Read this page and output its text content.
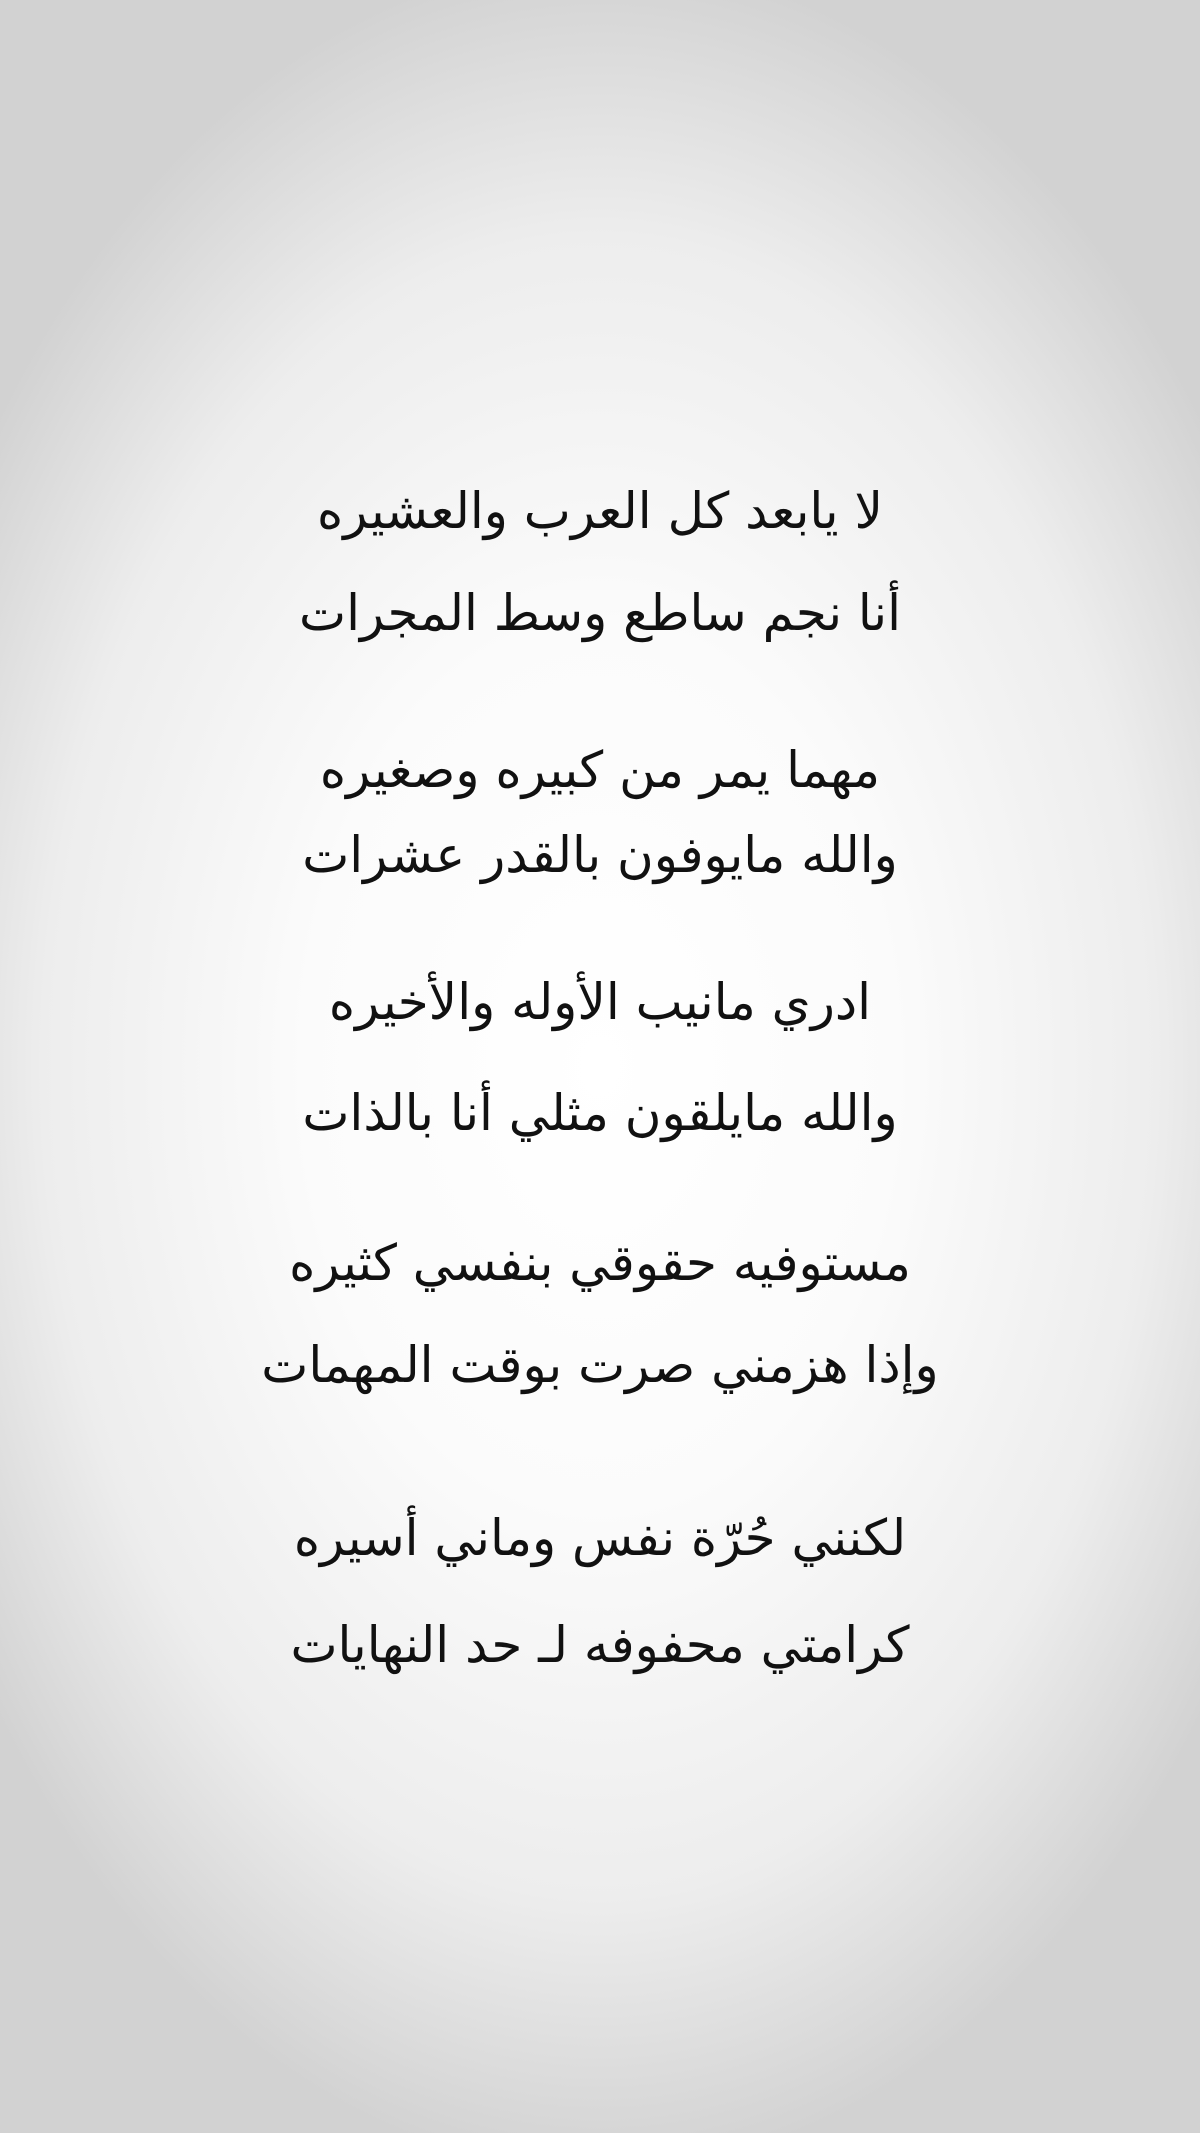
لا يابعد كل العرب والعشيره
أنا نجم ساطع وسط المجرات
مهما يمر من كبيره وصغيره
والله مايوفون بالقدر عشرات
ادري مانيب الأوله والأخيره
والله مايلقون مثلي أنا بالذات
مستوفيه حقوقي بنفسي كثيره
وإذا هزمني صرت بوقت المهمات
لكنني حُرّة نفس وماني أسيره
كرامتي محفوفه لـ حد النهايات
